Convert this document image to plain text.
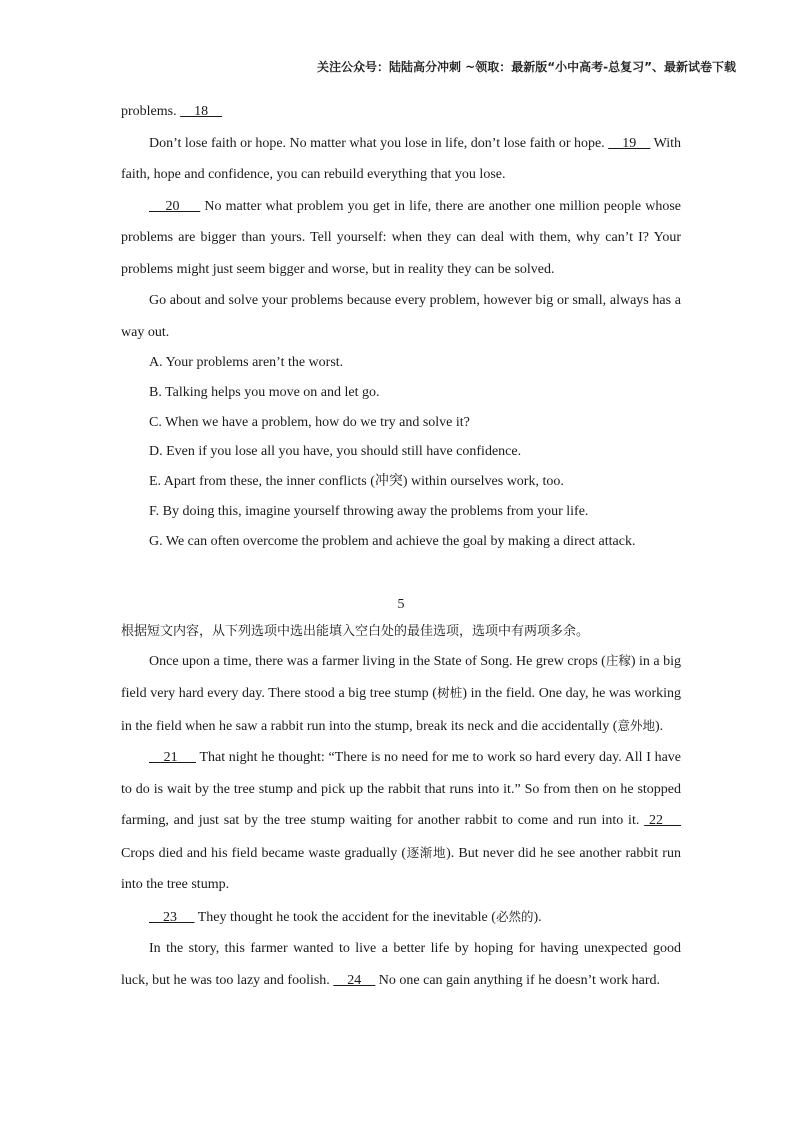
关注公众号：陆陆高分冲刺 ~领取：最新版“小中高考-总复习”、最新试卷下载

problems.     18

Don’t lose faith or hope. No matter what you lose in life, don’t lose faith or hope.     19     With faith, hope and confidence, you can rebuild everything that you lose.

20      No matter what problem you get in life, there are another one million people whose problems are bigger than yours. Tell yourself: when they can deal with them, why can’t I? Your problems might just seem bigger and worse, but in reality they can be solved.

Go about and solve your problems because every problem, however big or small, always has a way out.

A. Your problems aren’t the worst.

B. Talking helps you move on and let go.

C. When we have a problem, how do we try and solve it?

D. Even if you lose all you have, you should still have confidence.

E. Apart from these, the inner conflicts (冲突) within ourselves work, too.

F. By doing this, imagine yourself throwing away the problems from your life.

G. We can often overcome the problem and achieve the goal by making a direct attack.

5

根据短文内容，从下列选项中选出能填入空白处的最佳选项，选项中有两项多余。

Once upon a time, there was a farmer living in the State of Song. He grew crops (庄稼) in a big field very hard every day. There stood a big tree stump (树桩) in the field. One day, he was working in the field when he saw a rabbit run into the stump, break its neck and die accidentally (意外地).

21      That night he thought: “There is no need for me to work so hard every day. All I have to do is wait by the tree stump and pick up the rabbit that runs into it.” So from then on he stopped farming, and just sat by the tree stump waiting for another rabbit to come and run into it.  22     Crops died and his field became waste gradually (逐渐地). But never did he see another rabbit run into the tree stump.

23      They thought he took the accident for the inevitable (必然的).

In the story, this farmer wanted to live a better life by hoping for having unexpected good luck, but he was too lazy and foolish.     24     No one can gain anything if he doesn’t work hard.
